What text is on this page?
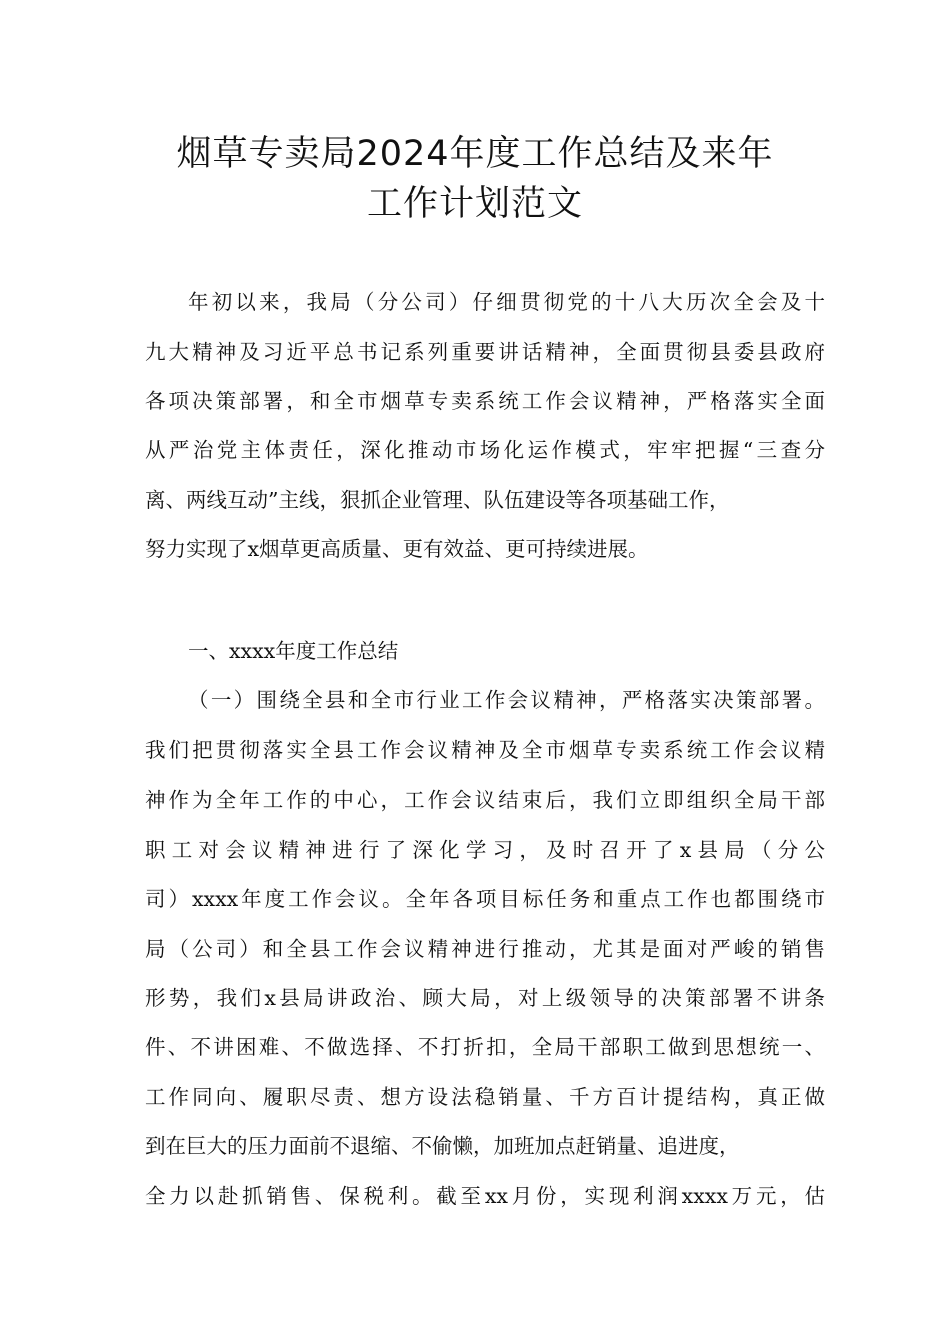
烟草专卖局2024年度工作总结及来年
工作计划范文

年初以来，我局（分公司）仔细贯彻党的十八大历次全会及十

九大精神及习近平总书记系列重要讲话精神，全面贯彻县委县政府

各项决策部署，和全市烟草专卖系统工作会议精神，严格落实全面

从严治党主体责任，深化推动市场化运作模式，牢牢把握“三查分

离、两线互动”主线，狠抓企业管理、队伍建设等各项基础工作，

努力实现了x烟草更高质量、更有效益、更可持续进展。

一、xxxx年度工作总结

（一）围绕全县和全市行业工作会议精神，严格落实决策部署。

我们把贯彻落实全县工作会议精神及全市烟草专卖系统工作会议精

神作为全年工作的中心，工作会议结束后，我们立即组织全局干部

职工对会议精神进行了深化学习，及时召开了x县局（分公

司）xxxx年度工作会议。全年各项目标任务和重点工作也都围绕市

局（公司）和全县工作会议精神进行推动，尤其是面对严峻的销售

形势，我们x县局讲政治、顾大局，对上级领导的决策部署不讲条

件、不讲困难、不做选择、不打折扣，全局干部职工做到思想统一、

工作同向、履职尽责、想方设法稳销量、千方百计提结构，真正做

到在巨大的压力面前不退缩、不偷懒，加班加点赶销量、追进度，

全力以赴抓销售、保税利。截至xx月份，实现利润xxxx万元，估
